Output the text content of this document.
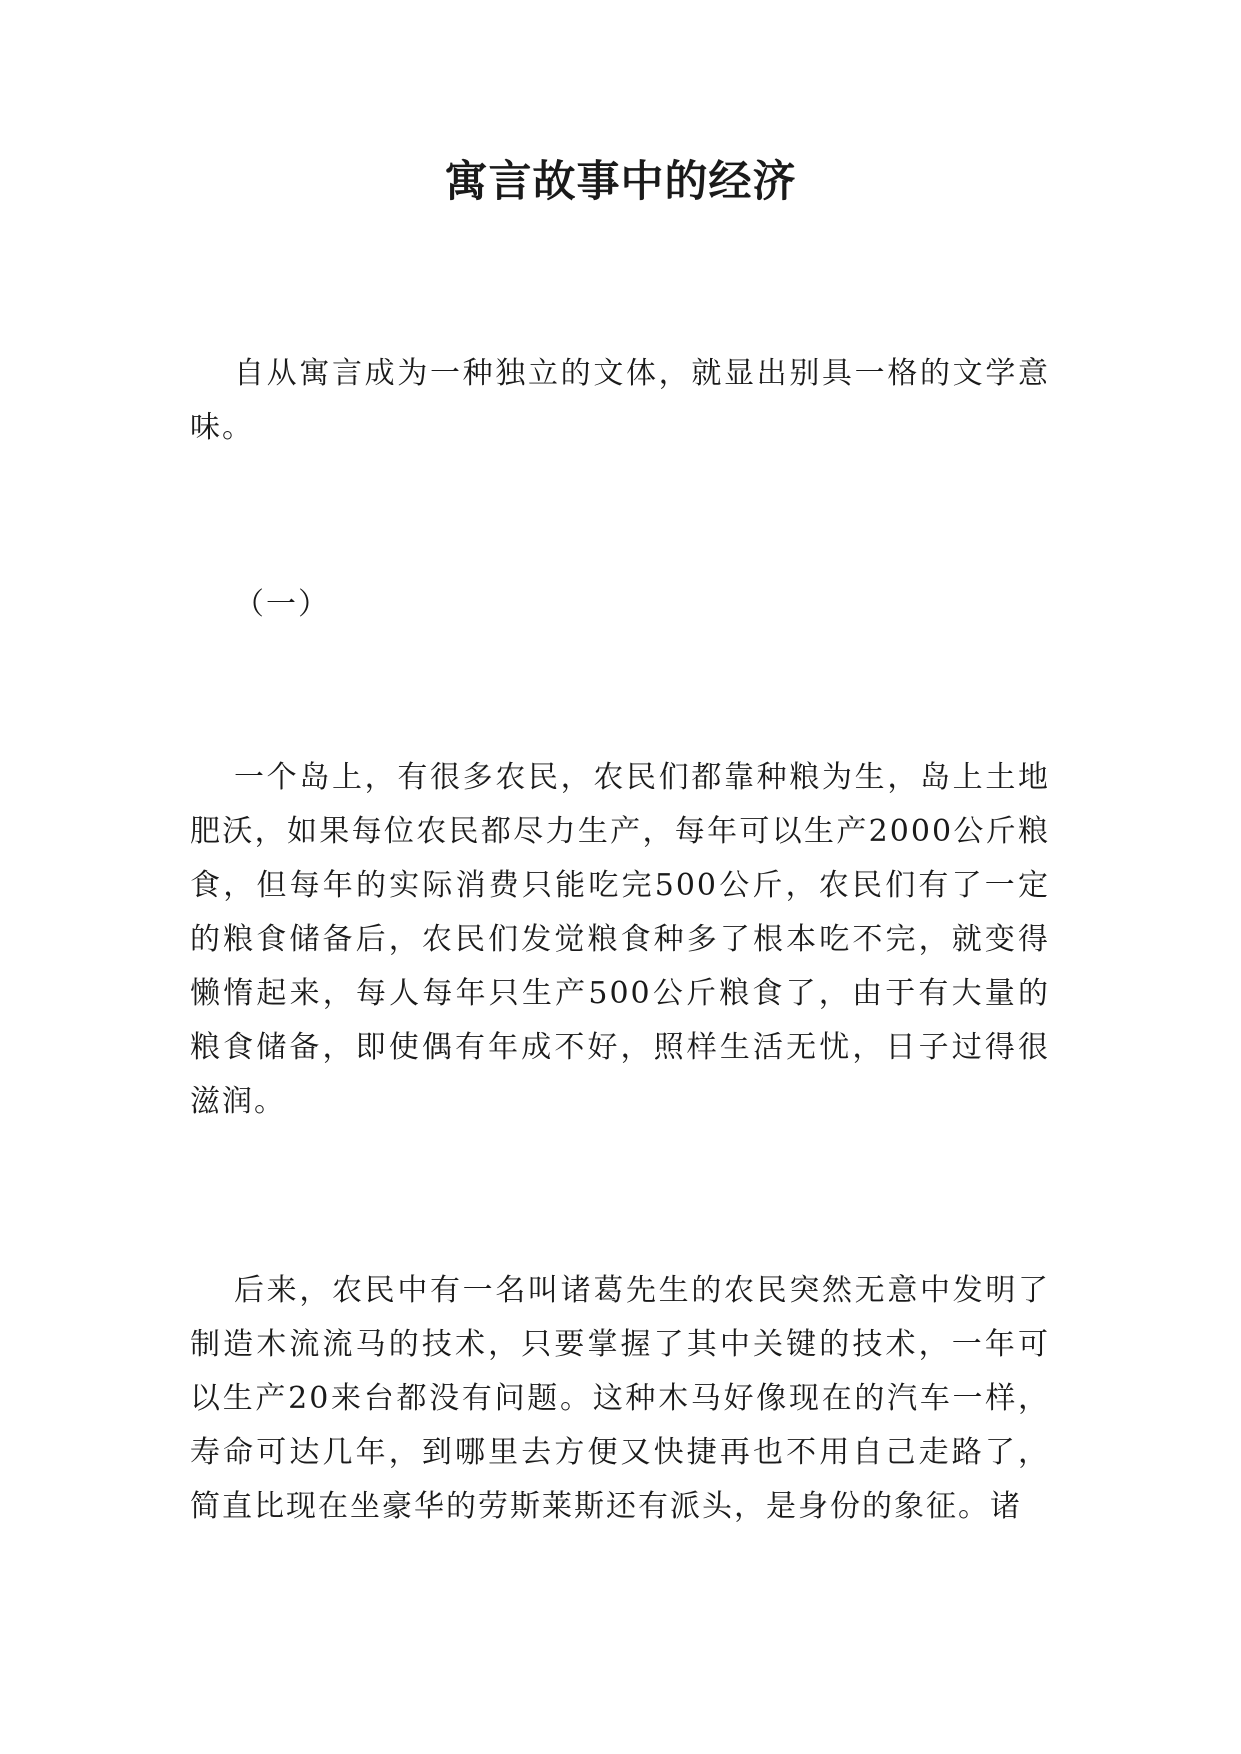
寓言故事中的经济

自从寓言成为一种独立的文体，就显出别具一格的文学意味。

（一）

一个岛上，有很多农民，农民们都靠种粮为生，岛上土地肥沃，如果每位农民都尽力生产，每年可以生产2000公斤粮食，但每年的实际消费只能吃完500公斤，农民们有了一定的粮食储备后，农民们发觉粮食种多了根本吃不完，就变得懒惰起来，每人每年只生产500公斤粮食了，由于有大量的粮食储备，即使偶有年成不好，照样生活无忧，日子过得很滋润。

后来，农民中有一名叫诸葛先生的农民突然无意中发明了制造木流流马的技术，只要掌握了其中关键的技术，一年可以生产20来台都没有问题。这种木马好像现在的汽车一样，寿命可达几年，到哪里去方便又快捷再也不用自己走路了，简直比现在坐豪华的劳斯莱斯还有派头，是身份的象征。诸
